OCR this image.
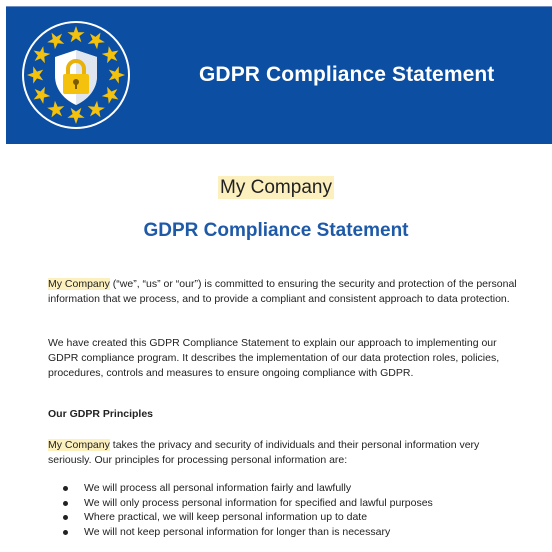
GDPR Compliance Statement
My Company
GDPR Compliance Statement

My Company (“we”, “us” or “our”) is committed to ensuring the security and protection of the personal information that we process, and to provide a compliant and consistent approach to data protection.

We have created this GDPR Compliance Statement to explain our approach to implementing our GDPR compliance program. It describes the implementation of our data protection roles, policies, procedures, controls and measures to ensure ongoing compliance with GDPR.

Our GDPR Principles

My Company takes the privacy and security of individuals and their personal information very seriously. Our principles for processing personal information are:

We will process all personal information fairly and lawfully
We will only process personal information for specified and lawful purposes
Where practical, we will keep personal information up to date
We will not keep personal information for longer than is necessary
